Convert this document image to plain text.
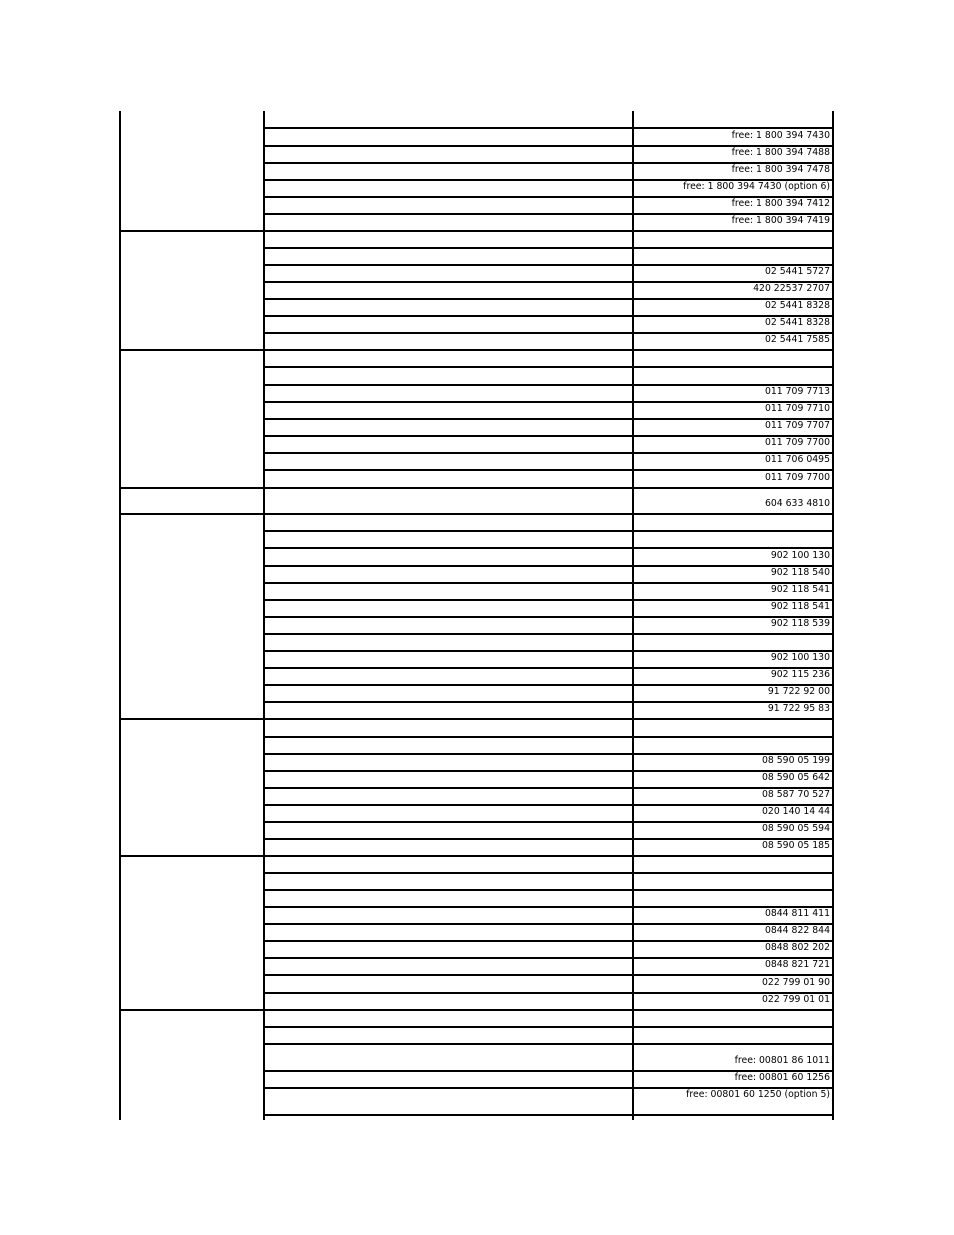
free: 1 800 394 7430
free: 1 800 394 7488
free: 1 800 394 7478
free: 1 800 394 7430 (option 6)
free: 1 800 394 7412
free: 1 800 394 7419
02 5441 5727
420 22537 2707
02 5441 8328
02 5441 8328
02 5441 7585
011 709 7713
011 709 7710
011 709 7707
011 709 7700
011 706 0495
011 709 7700
604 633 4810
902 100 130
902 118 540
902 118 541
902 118 541
902 118 539
902 100 130
902 115 236
91 722 92 00
91 722 95 83
08 590 05 199
08 590 05 642
08 587 70 527
020 140 14 44
08 590 05 594
08 590 05 185
0844 811 411
0844 822 844
0848 802 202
0848 821 721
022 799 01 90
022 799 01 01
free: 00801 86 1011
free: 00801 60 1256
free: 00801 60 1250 (option 5)
